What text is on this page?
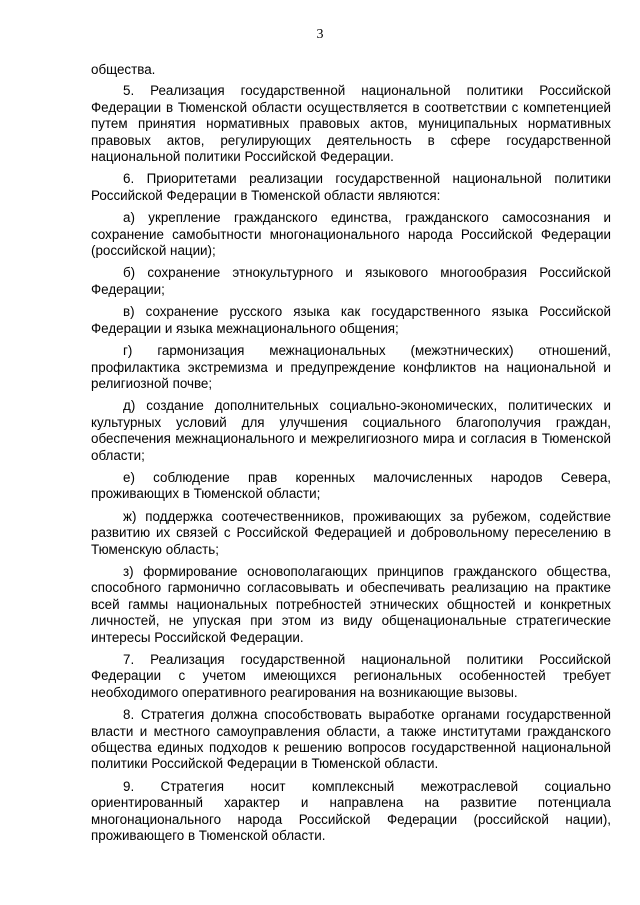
3

общества.

5. Реализация государственной национальной политики Российской Федерации в Тюменской области осуществляется в соответствии с компетенцией путем принятия нормативных правовых актов, муниципальных нормативных правовых актов, регулирующих деятельность в сфере государственной национальной политики Российской Федерации.

6. Приоритетами реализации государственной национальной политики Российской Федерации в Тюменской области являются:

а) укрепление гражданского единства, гражданского самосознания и сохранение самобытности многонационального народа Российской Федерации (российской нации);

б) сохранение этнокультурного и языкового многообразия Российской Федерации;

в) сохранение русского языка как государственного языка Российской Федерации и языка межнационального общения;

г) гармонизация межнациональных (межэтнических) отношений, профилактика экстремизма и предупреждение конфликтов на национальной и религиозной почве;

д) создание дополнительных социально-экономических, политических и культурных условий для улучшения социального благополучия граждан, обеспечения межнационального и межрелигиозного мира и согласия в Тюменской области;

е) соблюдение прав коренных малочисленных народов Севера, проживающих в Тюменской области;

ж) поддержка соотечественников, проживающих за рубежом, содействие развитию их связей с Российской Федерацией и добровольному переселению в Тюменскую область;

з) формирование основополагающих принципов гражданского общества, способного гармонично согласовывать и обеспечивать реализацию на практике всей гаммы национальных потребностей этнических общностей и конкретных личностей, не упуская при этом из виду общенациональные стратегические интересы Российской Федерации.

7. Реализация государственной национальной политики Российской Федерации с учетом имеющихся региональных особенностей требует необходимого оперативного реагирования на возникающие вызовы.

8. Стратегия должна способствовать выработке органами государственной власти и местного самоуправления области, а также институтами гражданского общества единых подходов к решению вопросов государственной национальной политики Российской Федерации в Тюменской области.

9. Стратегия носит комплексный межотраслевой социально ориентированный характер и направлена на развитие потенциала многонационального народа Российской Федерации (российской нации), проживающего в Тюменской области.
